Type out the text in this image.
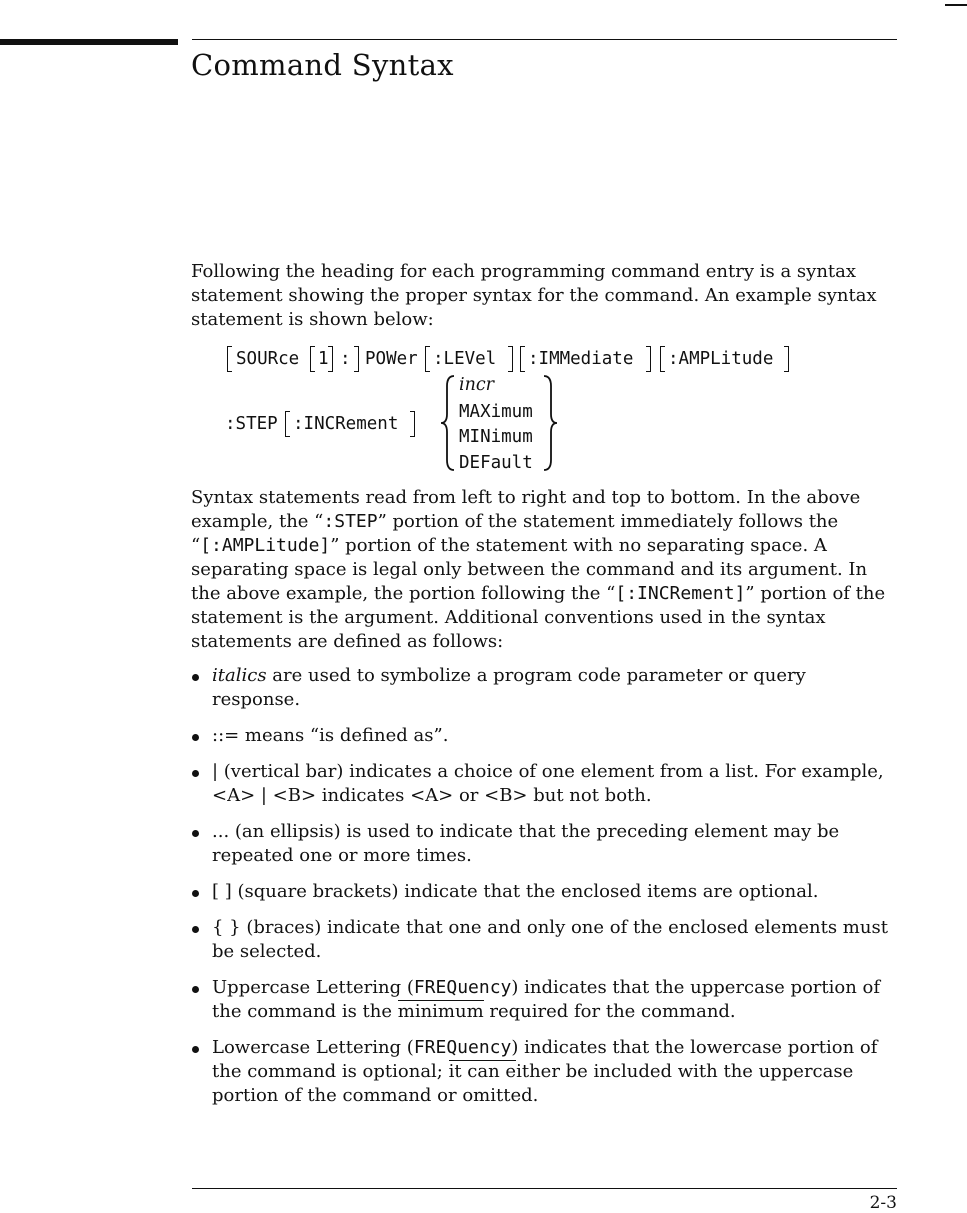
Command Syntax
Following the heading for each programming command entry is a syntax statement showing the proper syntax for the command. An example syntax statement is shown below:
SOURce 1 : POWer :LEVel :IMMediate :AMPLitude
:STEP :INCRement
incr
MAXimum
MINimum
DEFault
Syntax statements read from left to right and top to bottom. In the above example, the “:STEP” portion of the statement immediately follows the “[:AMPLitude]” portion of the statement with no separating space. A separating space is legal only between the command and its argument. In the above example, the portion following the “[:INCRement]” portion of the statement is the argument. Additional conventions used in the syntax statements are defined as follows:
italics are used to symbolize a program code parameter or query response.
::= means “is defined as”.
| (vertical bar) indicates a choice of one element from a list. For example, <A> | <B> indicates <A> or <B> but not both.
... (an ellipsis) is used to indicate that the preceding element may be repeated one or more times.
[ ] (square brackets) indicate that the enclosed items are optional.
{ } (braces) indicate that one and only one of the enclosed elements must be selected.
Uppercase Lettering (FREQuency) indicates that the uppercase portion of the command is the minimum required for the command.
Lowercase Lettering (FREQuency) indicates that the lowercase portion of the command is optional; it can either be included with the uppercase portion of the command or omitted.
2-3
